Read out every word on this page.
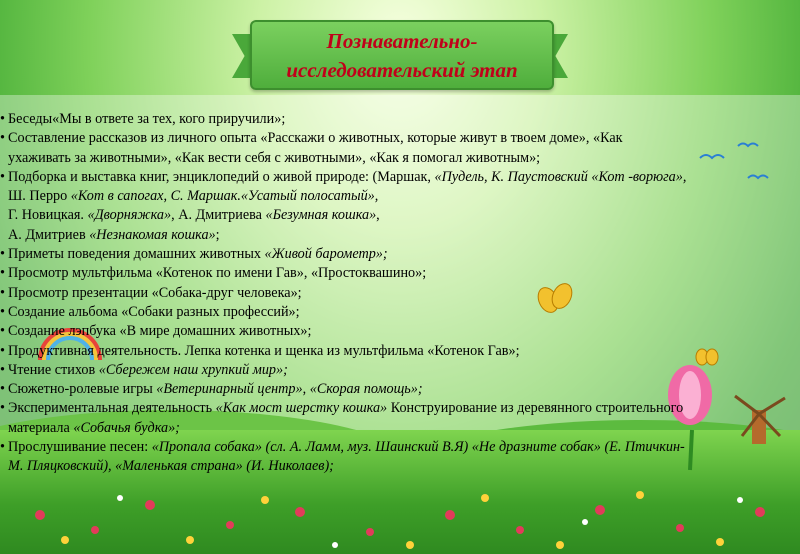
Познавательно-
исследовательский этап
• Беседы«Мы в ответе за тех, кого приручили»;
• Составление рассказов из личного опыта «Расскажи о животных, которые живут в твоем доме», «Как
ухаживать за животными», «Как вести себя с животными», «Как я помогал животным»;
• Подборка и выставка книг, энциклопедий о живой природе: (Маршак, «Пудель, К. Паустовский «Кот -ворюга»,
Ш. Перро «Кот в сапогах, С. Маршак.«Усатый полосатый»,
Г. Новицкая. «Дворняжка», А. Дмитриева «Безумная кошка»,
А. Дмитриев «Незнакомая кошка»;
• Приметы поведения домашних животных «Живой барометр»;
• Просмотр мультфильма «Котенок по имени Гав», «Простоквашино»;
• Просмотр презентации «Собака-друг человека»;
• Создание альбома «Собаки разных профессий»;
• Создание лэпбука «В мире домашних животных»;
• Продуктивная деятельность. Лепка котенка и щенка из мультфильма «Котенок Гав»;
• Чтение стихов «Сбережем наш хрупкий мир»;
• Сюжетно-ролевые игры «Ветеринарный центр», «Скорая помощь»;
• Экспериментальная деятельность «Как мост шерстку кошка» Конструирование из деревянного строительного
материала «Собачья будка»;
• Прослушивание песен: «Пропала собака» (сл. А. Ламм, муз. Шаинский В.Я) «Не дразните собак» (Е. Птичкин-
М. Пляцковский), «Маленькая страна» (И. Николаев);
